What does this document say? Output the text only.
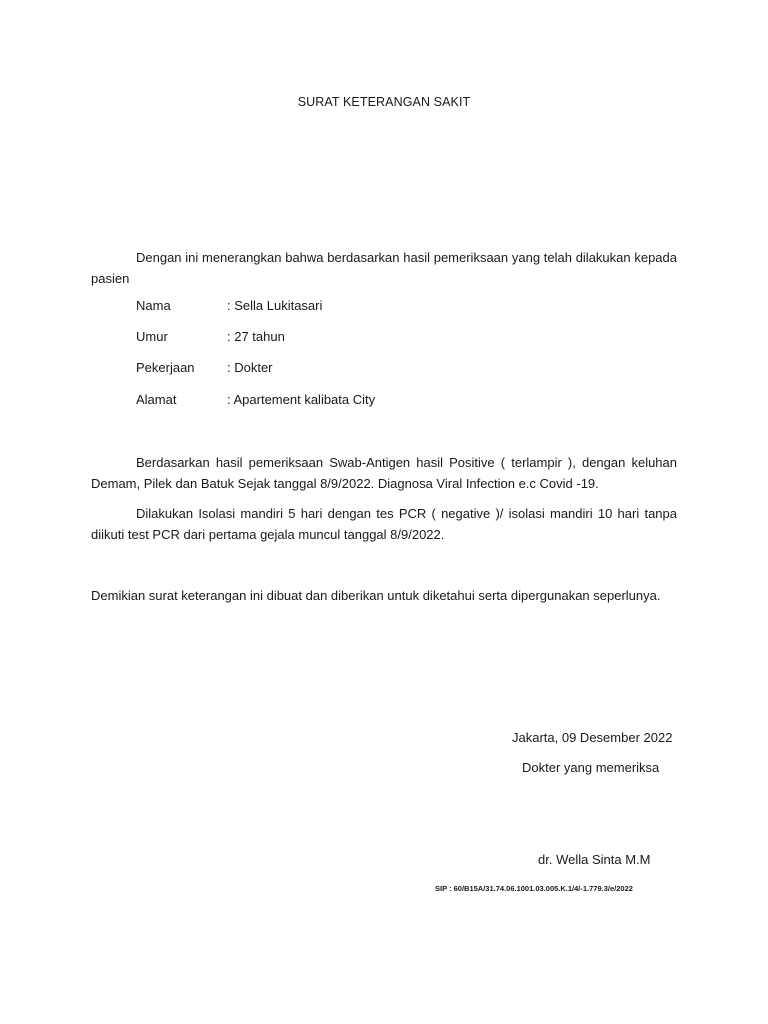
SURAT KETERANGAN SAKIT
Dengan ini menerangkan bahwa berdasarkan hasil pemeriksaan yang telah dilakukan kepada pasien
Nama	: Sella Lukitasari
Umur	: 27 tahun
Pekerjaan	: Dokter
Alamat	: Apartement kalibata City
Berdasarkan hasil pemeriksaan Swab-Antigen hasil Positive ( terlampir ), dengan keluhan Demam, Pilek dan Batuk Sejak tanggal 8/9/2022. Diagnosa Viral Infection e.c Covid -19.
Dilakukan Isolasi mandiri 5 hari dengan tes PCR ( negative )/ isolasi mandiri 10 hari tanpa diikuti test PCR dari pertama gejala muncul tanggal 8/9/2022.
Demikian surat keterangan ini dibuat dan diberikan untuk diketahui serta dipergunakan seperlunya.
Jakarta, 09 Desember 2022
Dokter yang memeriksa
dr. Wella Sinta M.M
SIP : 60/B15A/31.74.06.1001.03.005.K.1/4/-1.779.3/e/2022
